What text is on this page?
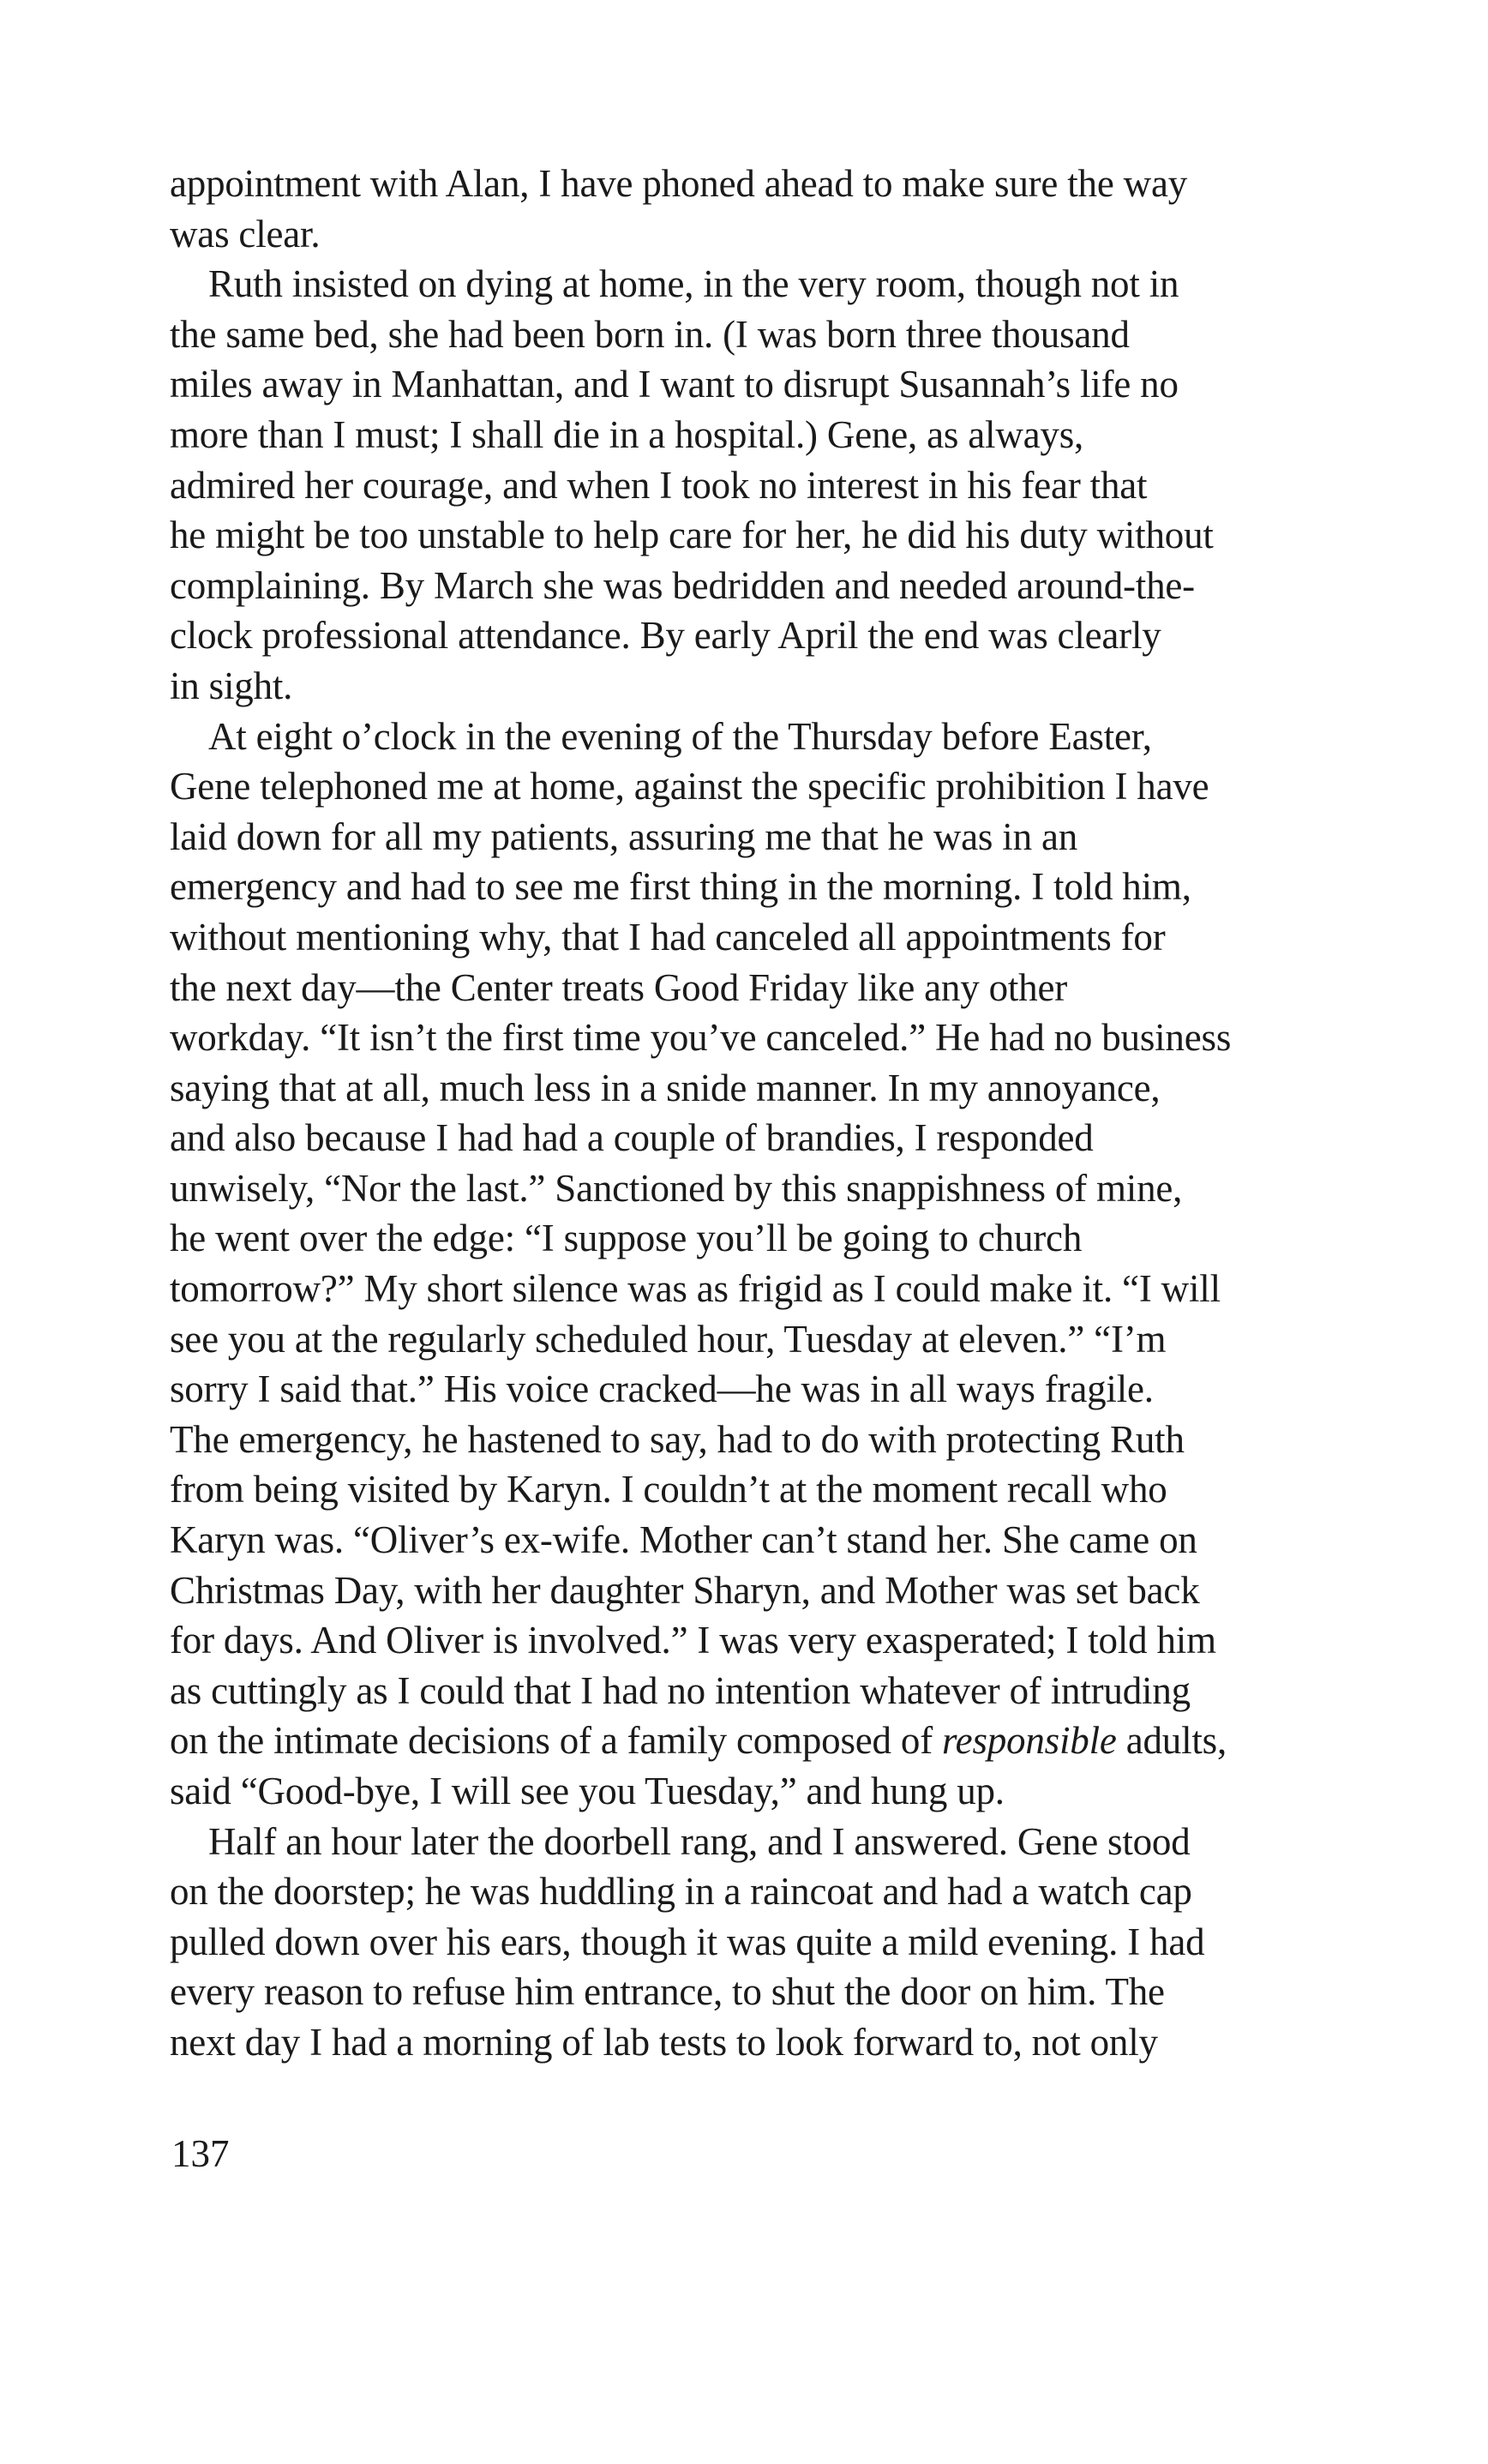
appointment with Alan, I have phoned ahead to make sure the way
was clear.
Ruth insisted on dying at home, in the very room, though not in
the same bed, she had been born in. (I was born three thousand
miles away in Manhattan, and I want to disrupt Susannah’s life no
more than I must; I shall die in a hospital.) Gene, as always,
admired her courage, and when I took no interest in his fear that
he might be too unstable to help care for her, he did his duty without
complaining. By March she was bedridden and needed around-the-
clock professional attendance. By early April the end was clearly
in sight.
At eight o’clock in the evening of the Thursday before Easter,
Gene telephoned me at home, against the specific prohibition I have
laid down for all my patients, assuring me that he was in an
emergency and had to see me first thing in the morning. I told him,
without mentioning why, that I had canceled all appointments for
the next day—the Center treats Good Friday like any other
workday. “It isn’t the first time you’ve canceled.” He had no business
saying that at all, much less in a snide manner. In my annoyance,
and also because I had had a couple of brandies, I responded
unwisely, “Nor the last.” Sanctioned by this snappishness of mine,
he went over the edge: “I suppose you’ll be going to church
tomorrow?” My short silence was as frigid as I could make it. “I will
see you at the regularly scheduled hour, Tuesday at eleven.” “I’m
sorry I said that.” His voice cracked—he was in all ways fragile.
The emergency, he hastened to say, had to do with protecting Ruth
from being visited by Karyn. I couldn’t at the moment recall who
Karyn was. “Oliver’s ex-wife. Mother can’t stand her. She came on
Christmas Day, with her daughter Sharyn, and Mother was set back
for days. And Oliver is involved.” I was very exasperated; I told him
as cuttingly as I could that I had no intention whatever of intruding
on the intimate decisions of a family composed of responsible adults,
said “Good-bye, I will see you Tuesday,” and hung up.
Half an hour later the doorbell rang, and I answered. Gene stood
on the doorstep; he was huddling in a raincoat and had a watch cap
pulled down over his ears, though it was quite a mild evening. I had
every reason to refuse him entrance, to shut the door on him. The
next day I had a morning of lab tests to look forward to, not only
137
